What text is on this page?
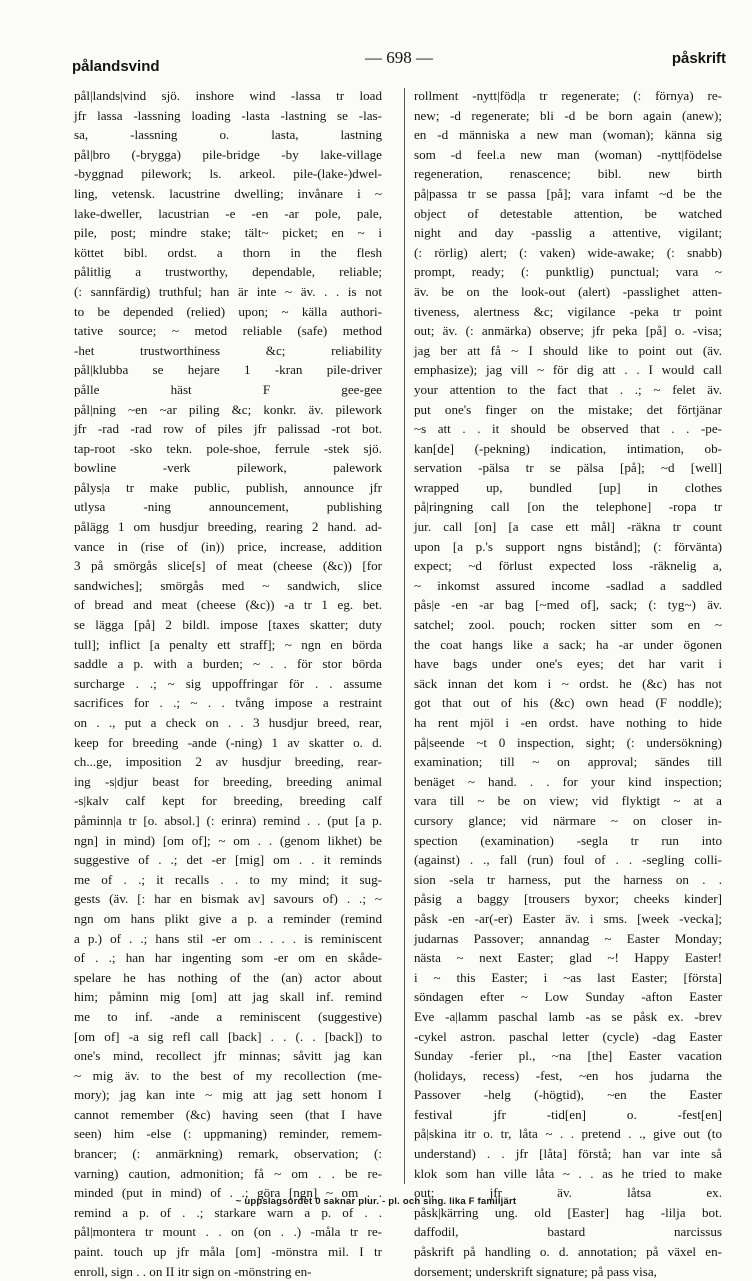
pålandsvind	— 698 —	påskrift
pål|lands|vind sjö. inshore wind -lassa tr load
jfr lassa -lassning loading -lasta -lastning se -las-
sa, -lassning o. lasta, lastning
pål|bro (-brygga) pile-bridge -by lake-village
-byggnad pilework; ls. arkeol. pile-(lake-)dwel-
ling, vetensk. lacustrine dwelling; invånare i ~
lake-dweller, lacustrian -e -en -ar pole, pale,
pile, post; mindre stake; tält~ picket; en ~ i
köttet bibl. ordst. a thorn in the flesh
pålitlig a trustworthy, dependable, reliable;
(: sannfärdig) truthful; han är inte ~ äv. . . is not
to be depended (relied) upon; ~ källa authori-
tative source; ~ metod reliable (safe) method
-het trustworthiness &c; reliability
pål|klubba se hejare 1 -kran pile-driver
pålle häst F gee-gee
pål|ning ~en ~ar piling &c; konkr. äv. pilework
jfr -rad -rad row of piles jfr palissad -rot bot.
tap-root -sko tekn. pole-shoe, ferrule -stek sjö.
bowline -verk pilework, palework
pålys|a tr make public, publish, announce jfr
utlysa -ning announcement, publishing
pålägg 1 om husdjur breeding, rearing 2 hand. ad-
vance in (rise of (in)) price, increase, addition
3 på smörgås slice[s] of meat (cheese (&c)) [for
sandwiches]; smörgås med ~ sandwich, slice
of bread and meat (cheese (&c)) -a tr 1 eg. bet.
se lägga [på] 2 bildl. impose [taxes skatter; duty
tull]; inflict [a penalty ett straff]; ~ ngn en börda
saddle a p. with a burden; ~ . . för stor börda
surcharge . .; ~ sig uppoffringar för . . assume
sacrifices for . .; ~ . . tvång impose a restraint
on . ., put a check on . . 3 husdjur breed, rear,
keep for breeding -ande (-ning) 1 av skatter o. d.
ch...ge, imposition 2 av husdjur breeding, rear-
ing -s|djur beast for breeding, breeding animal
-s|kalv calf kept for breeding, breeding calf
påminn|a tr [o. absol.] (: erinra) remind . . (put [a p.
ngn] in mind) [om of]; ~ om . . (genom likhet) be
suggestive of . .; det -er [mig] om . . it reminds
me of . .; it recalls . . to my mind; it sug-
gests (äv. [: har en bismak av] savours of) . .; ~
ngn om hans plikt give a p. a reminder (remind
a p.) of . .; hans stil -er om . . . . is reminiscent
of . .; han har ingenting som -er om en skåde-
spelare he has nothing of the (an) actor about
him; påminn mig [om] att jag skall inf. remind
me to inf. -ande a reminiscent (suggestive)
[om of] -a sig refl call [back] . . (. . [back]) to
one's mind, recollect jfr minnas; såvitt jag kan
~ mig äv. to the best of my recollection (me-
mory); jag kan inte ~ mig att jag sett honom I
cannot remember (&c) having seen (that I have
seen) him -else (: uppmaning) reminder, remem-
brancer; (: anmärkning) remark, observation; (:
varning) caution, admonition; få ~ om . . be re-
minded (put in mind) of . .; göra [ngn] ~ om . .
remind a p. of . .; starkare warn a p. of . .
pål|montera tr mount . . on (on . .) -måla tr re-
paint. touch up jfr måla [om] -mönstra mil. I tr
enroll, sign . . on II itr sign on -mönstring en-
rollment -nytt|föd|a tr regenerate; (: förnya) re-
new; -d regenerate; bli -d be born again (anew);
en -d människa a new man (woman); känna sig
som -d feel.a new man (woman) -nytt|födelse
regeneration, renascence; bibl. new birth
på|passa tr se passa [på]; vara infamt ~d be the
object of detestable attention, be watched
night and day -passlig a attentive, vigilant;
(: rörlig) alert; (: vaken) wide-awake; (: snabb)
prompt, ready; (: punktlig) punctual; vara ~
äv. be on the look-out (alert) -passlighet atten-
tiveness, alertness &c; vigilance -peka tr point
out; äv. (: anmärka) observe; jfr peka [på] o. -visa;
jag ber att få ~ I should like to point out (äv.
emphasize); jag vill ~ för dig att . . I would call
your attention to the fact that . .; ~ felet äv.
put one's finger on the mistake; det förtjänar
~s att . . it should be observed that . . -pe-
kan[de] (-pekning) indication, intimation, ob-
servation -pälsa tr se pälsa [på]; ~d [well]
wrapped up, bundled [up] in clothes
på|ringning call [on the telephone] -ropa tr
jur. call [on] [a case ett mål] -räkna tr count
upon [a p.'s support ngns bistånd]; (: förvänta)
expect; ~d förlust expected loss -räknelig a,
~ inkomst assured income -sadlad a saddled
pås|e -en -ar bag [~med of], sack; (: tyg~) äv.
satchel; zool. pouch; rocken sitter som en ~
the coat hangs like a sack; ha -ar under ögonen
have bags under one's eyes; det har varit i
säck innan det kom i ~ ordst. he (&c) has not
got that out of his (&c) own head (F noddle);
ha rent mjöl i -en ordst. have nothing to hide
på|seende ~t 0 inspection, sight; (: undersökning)
examination; till ~ on approval; sändes till
benäget ~ hand. . . for your kind inspection;
vara till ~ be on view; vid flyktigt ~ at a
cursory glance; vid närmare ~ on closer in-
spection (examination) -segla tr run into
(against) . ., fall (run) foul of . . -segling colli-
sion -sela tr harness, put the harness on . .
påsig a baggy [trousers byxor; cheeks kinder]
påsk -en -ar(-er) Easter äv. i sms. [week -vecka];
judarnas Passover; annandag ~ Easter Monday;
nästa ~ next Easter; glad ~! Happy Easter!
i ~ this Easter; i ~as last Easter; [första]
söndagen efter ~ Low Sunday -afton Easter
Eve -a|lamm paschal lamb -as se påsk ex. -brev
-cykel astron. paschal letter (cycle) -dag Easter
Sunday -ferier pl., ~na [the] Easter vacation
(holidays, recess) -fest, ~en hos judarna the
Passover -helg (-högtid), ~en the Easter
festival jfr -tid[en] o. -fest[en]
på|skina itr o. tr, låta ~ . . pretend . ., give out (to
understand) . . jfr [låta] förstå; han var inte så
klok som han ville låta ~ . . as he tried to make
out; jfr äv. låtsa ex.
påsk|kärring ung. old [Easter] hag -lilja bot.
daffodil, bastard narcissus
påskrift på handling o. d. annotation; på växel en-
dorsement; underskrift signature; på pass visa,
~ uppslagsordet 0 saknar plur. - pl. och sing. lika F familjärt
